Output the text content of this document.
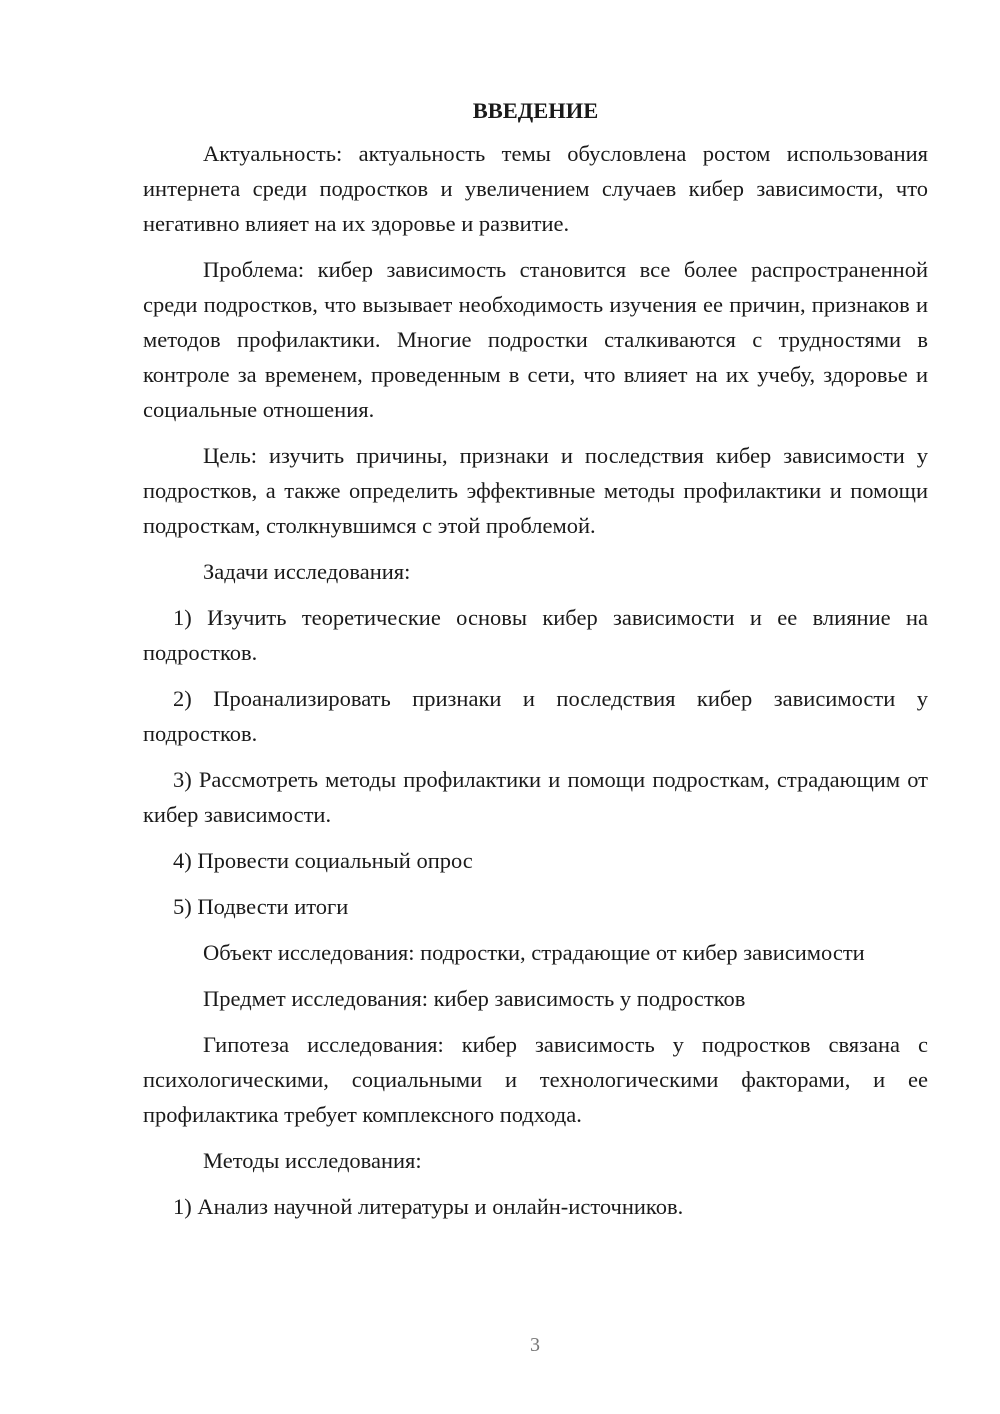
ВВЕДЕНИЕ

Актуальность: актуальность темы обусловлена ростом использования интернета среди подростков и увеличением случаев кибер зависимости, что негативно влияет на их здоровье и развитие.

Проблема: кибер зависимость становится все более распространенной среди подростков, что вызывает необходимость изучения ее причин, признаков и методов профилактики. Многие подростки сталкиваются с трудностями в контроле за временем, проведенным в сети, что влияет на их учебу, здоровье и социальные отношения.

Цель: изучить причины, признаки и последствия кибер зависимости у подростков, а также определить эффективные методы профилактики и помощи подросткам, столкнувшимся с этой проблемой.

Задачи исследования:

1) Изучить теоретические основы кибер зависимости и ее влияние на подростков.

2) Проанализировать признаки и последствия кибер зависимости у подростков.

3) Рассмотреть методы профилактики и помощи подросткам, страдающим от кибер зависимости.

4) Провести социальный опрос

5) Подвести итоги

Объект исследования: подростки, страдающие от кибер зависимости

Предмет исследования: кибер зависимость у подростков

Гипотеза исследования: кибер зависимость у подростков связана с психологическими, социальными и технологическими факторами, и ее профилактика требует комплексного подхода.

Методы исследования:

1) Анализ научной литературы и онлайн-источников.

3
